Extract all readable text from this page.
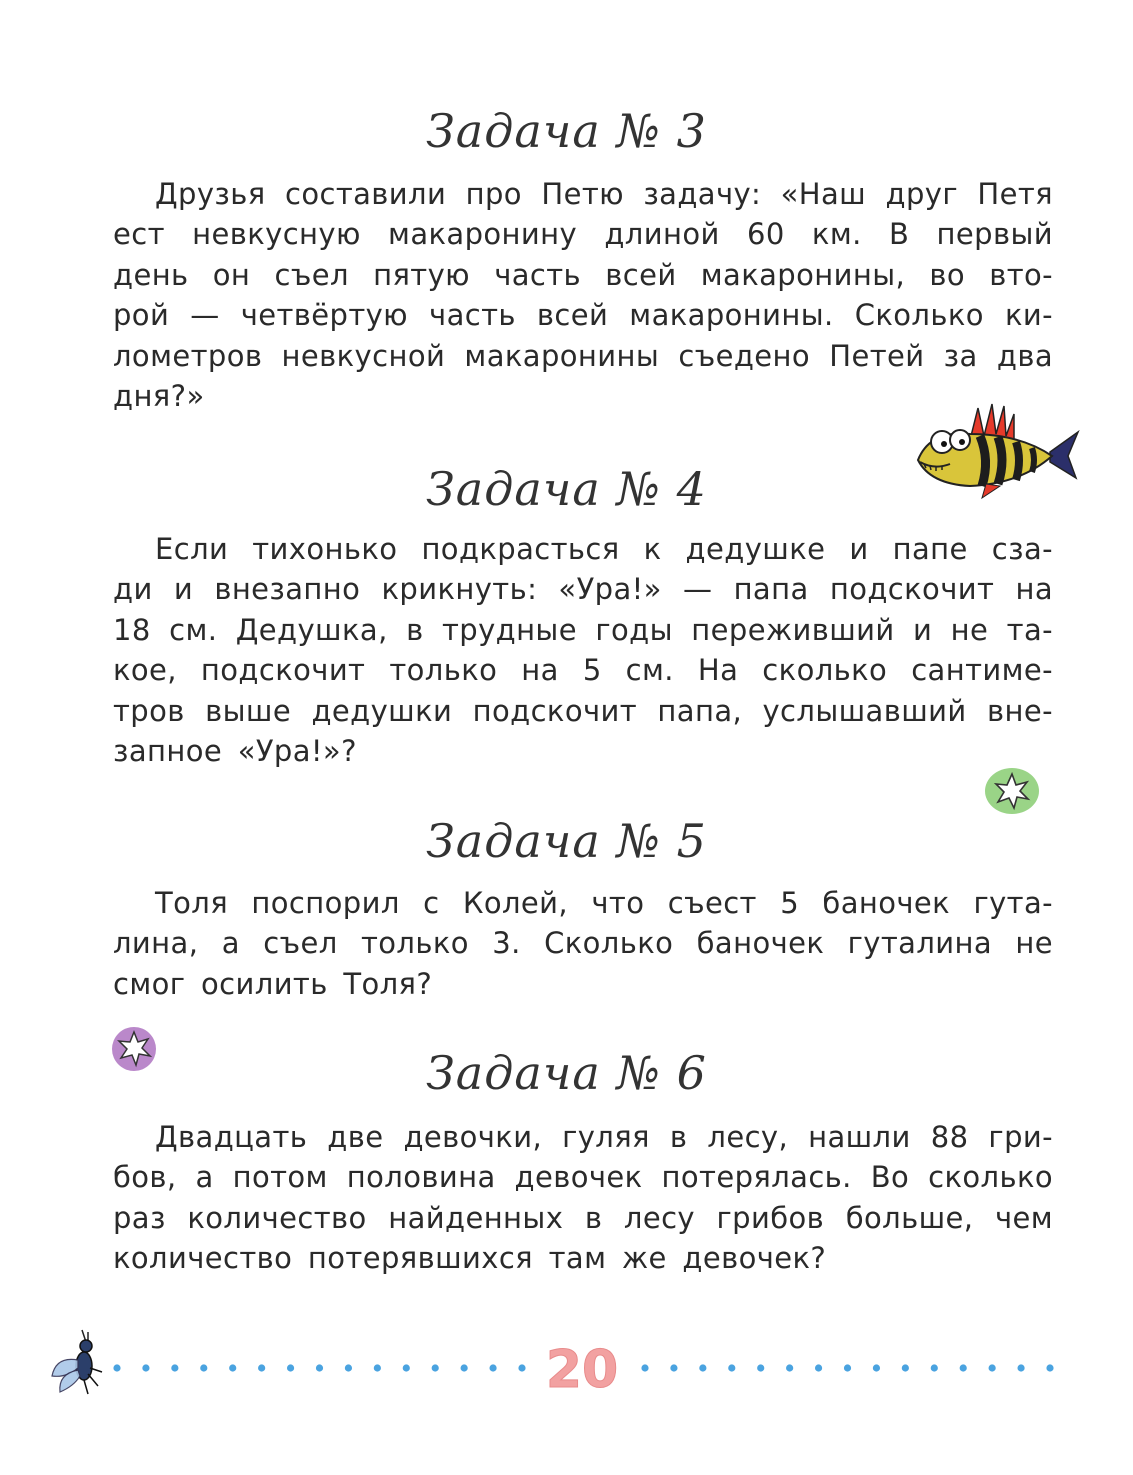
Задача № 3

Друзья составили про Петю задачу: «Наш друг Петя
ест невкусную макаронину длиной 60 км. В первый
день он съел пятую часть всей макаронины, во вто-
рой — четвёртую часть всей макаронины. Сколько ки-
лометров невкусной макаронины съедено Петей за два
дня?»

Задача № 4

Если тихонько подкрасться к дедушке и папе сза-
ди и внезапно крикнуть: «Ура!» — папа подскочит на
18 см. Дедушка, в трудные годы переживший и не та-
кое, подскочит только на 5 см. На сколько сантиме-
тров выше дедушки подскочит папа, услышавший вне-
запное «Ура!»?

Задача № 5

Толя поспорил с Колей, что съест 5 баночек гута-
лина, а съел только 3. Сколько баночек гуталина не
смог осилить Толя?

Задача № 6

Двадцать две девочки, гуляя в лесу, нашли 88 гри-
бов, а потом половина девочек потерялась. Во сколько
раз количество найденных в лесу грибов больше, чем
количество потерявшихся там же девочек?

20
